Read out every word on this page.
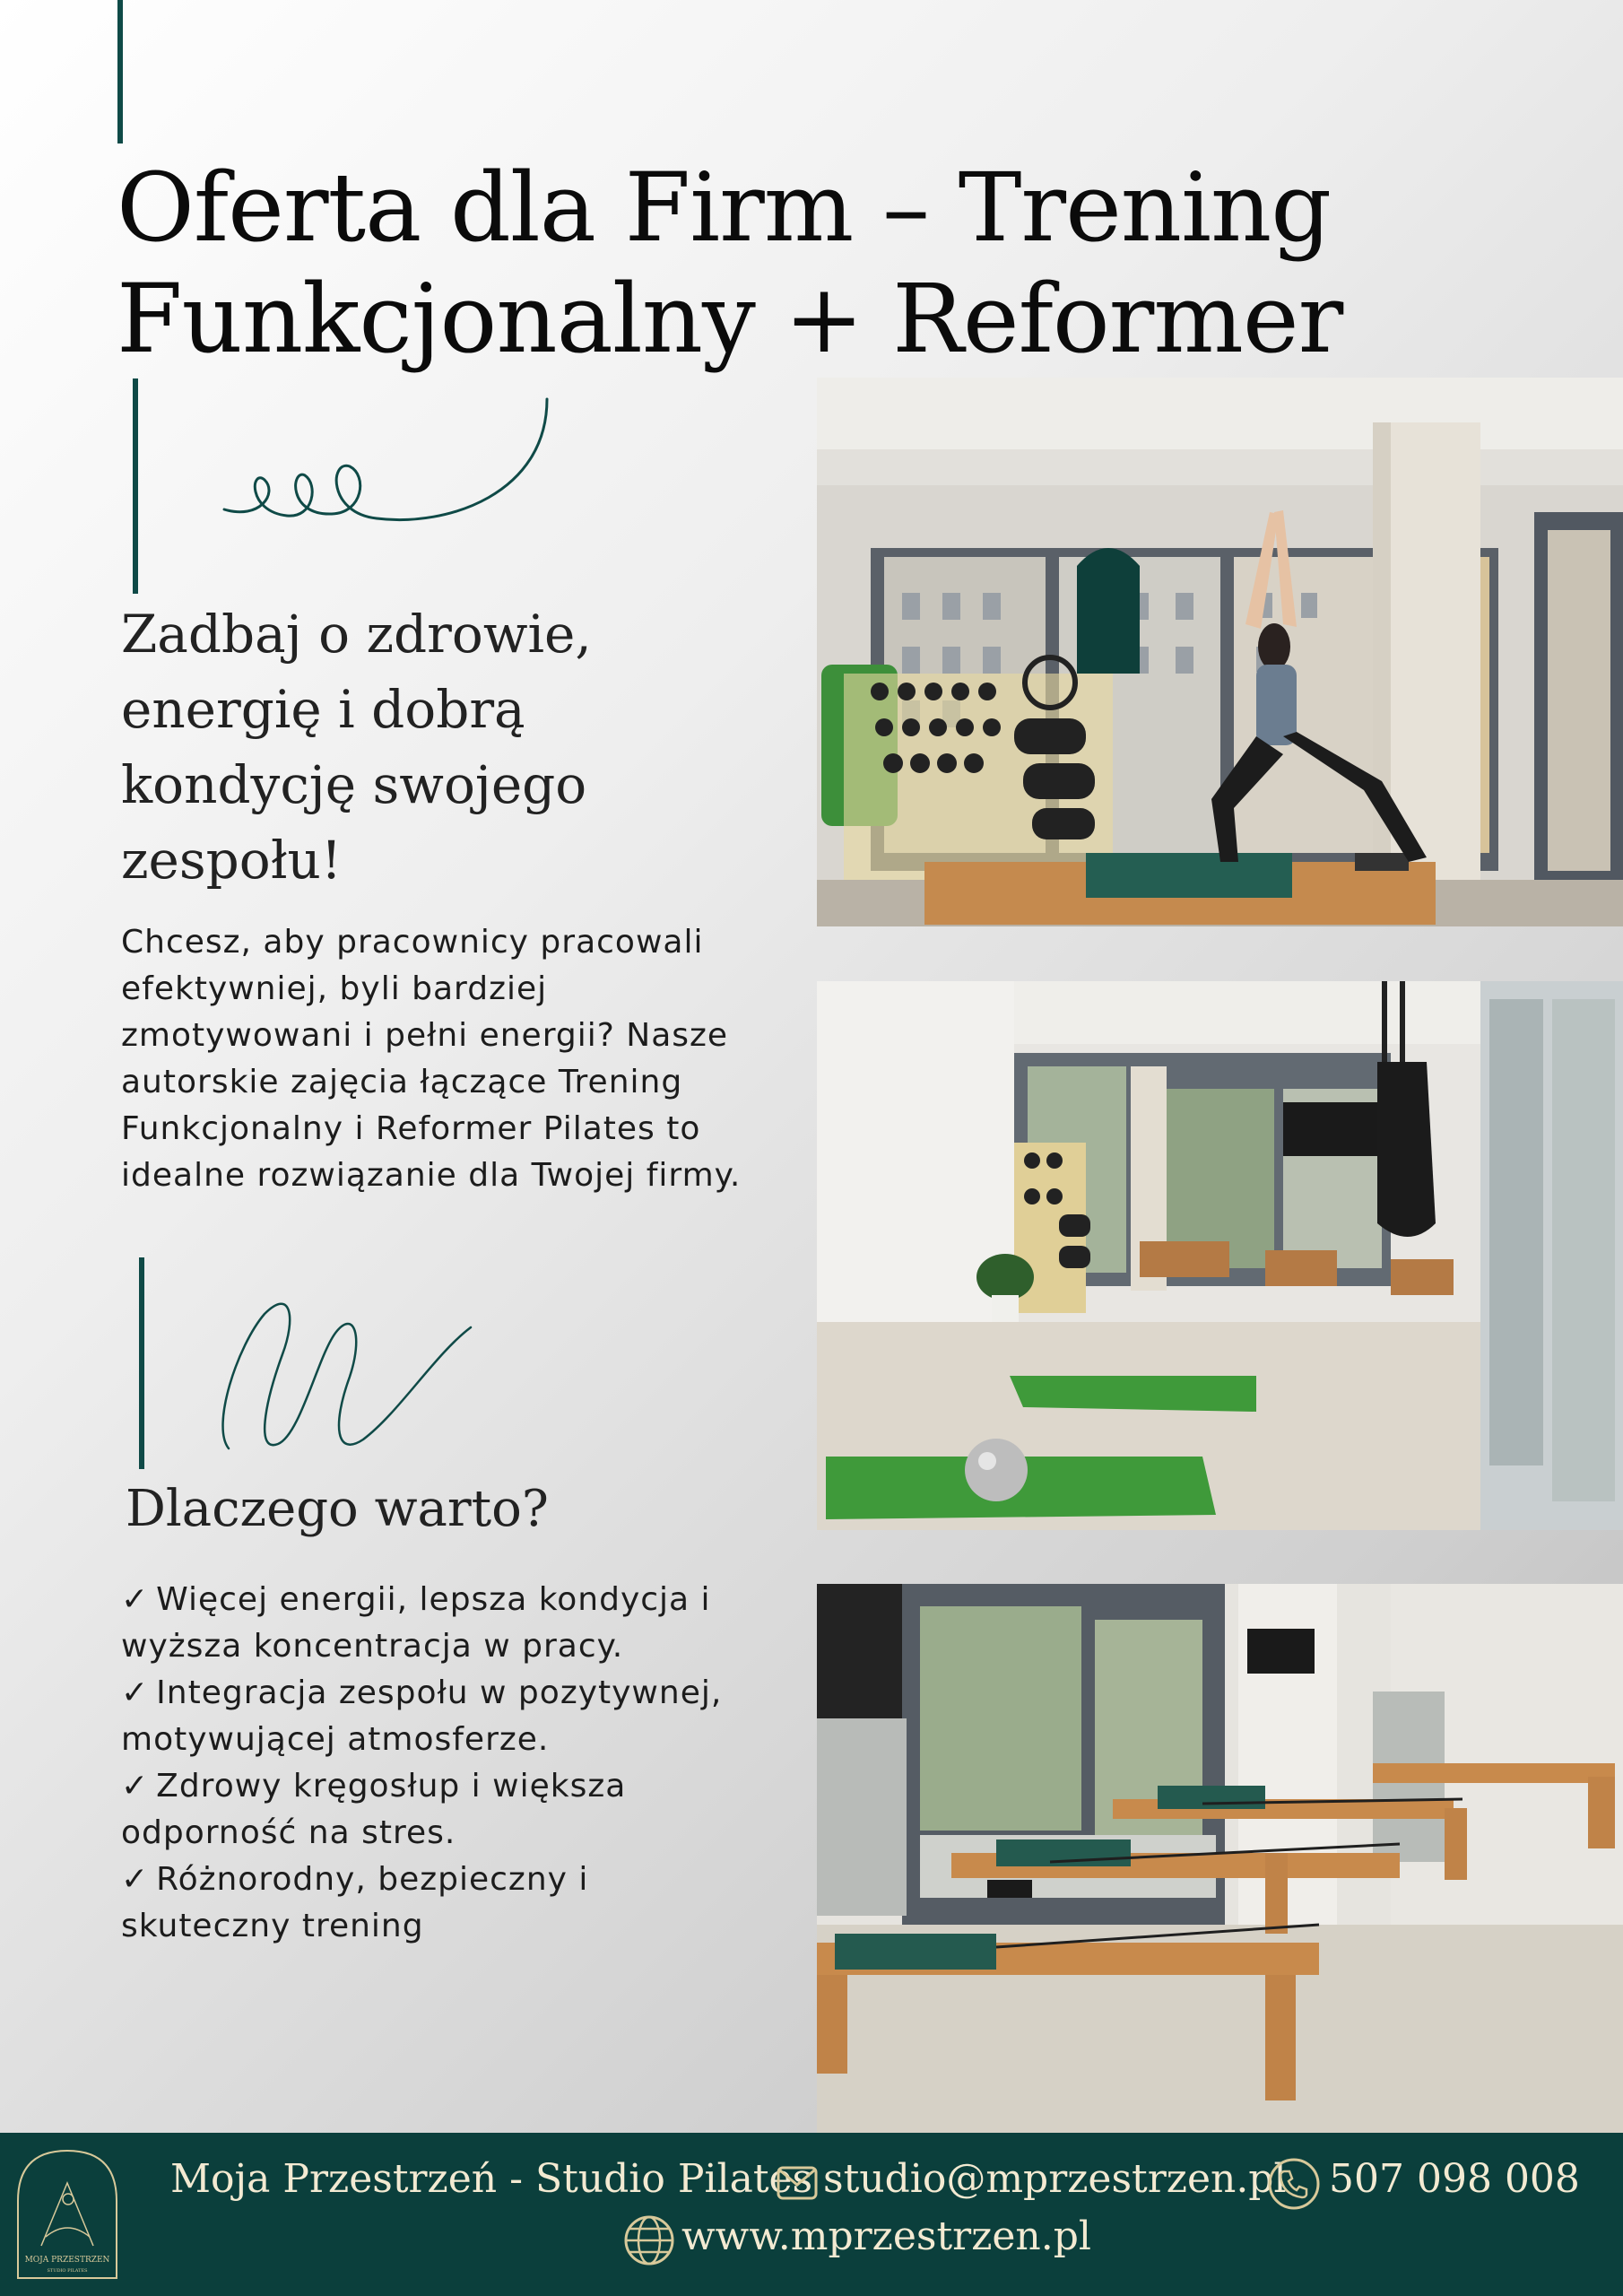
Oferta dla Firm – Trening
Funkcjonalny + Reformer

Zadbaj o zdrowie, energię i dobrą kondycję swojego zespołu!

Chcesz, aby pracownicy pracowali efektywniej, byli bardziej zmotywowani i pełni energii? Nasze autorskie zajęcia łączące Trening Funkcjonalny i Reformer Pilates to idealne rozwiązanie dla Twojej firmy.

Dlaczego warto?
✓ Więcej energii, lepsza kondycja i wyższa koncentracja w pracy.
✓ Integracja zespołu w pozytywnej, motywującej atmosferze.
✓ Zdrowy kręgosłup i większa odporność na stres.
✓ Różnorodny, bezpieczny i skuteczny trening
MOJA PRZESTRZEN
STUDIO PILATES
Moja Przestrzeń - Studio Pilates studio@mprzestrzen.pl 507 098 008
www.mprzestrzen.pl
